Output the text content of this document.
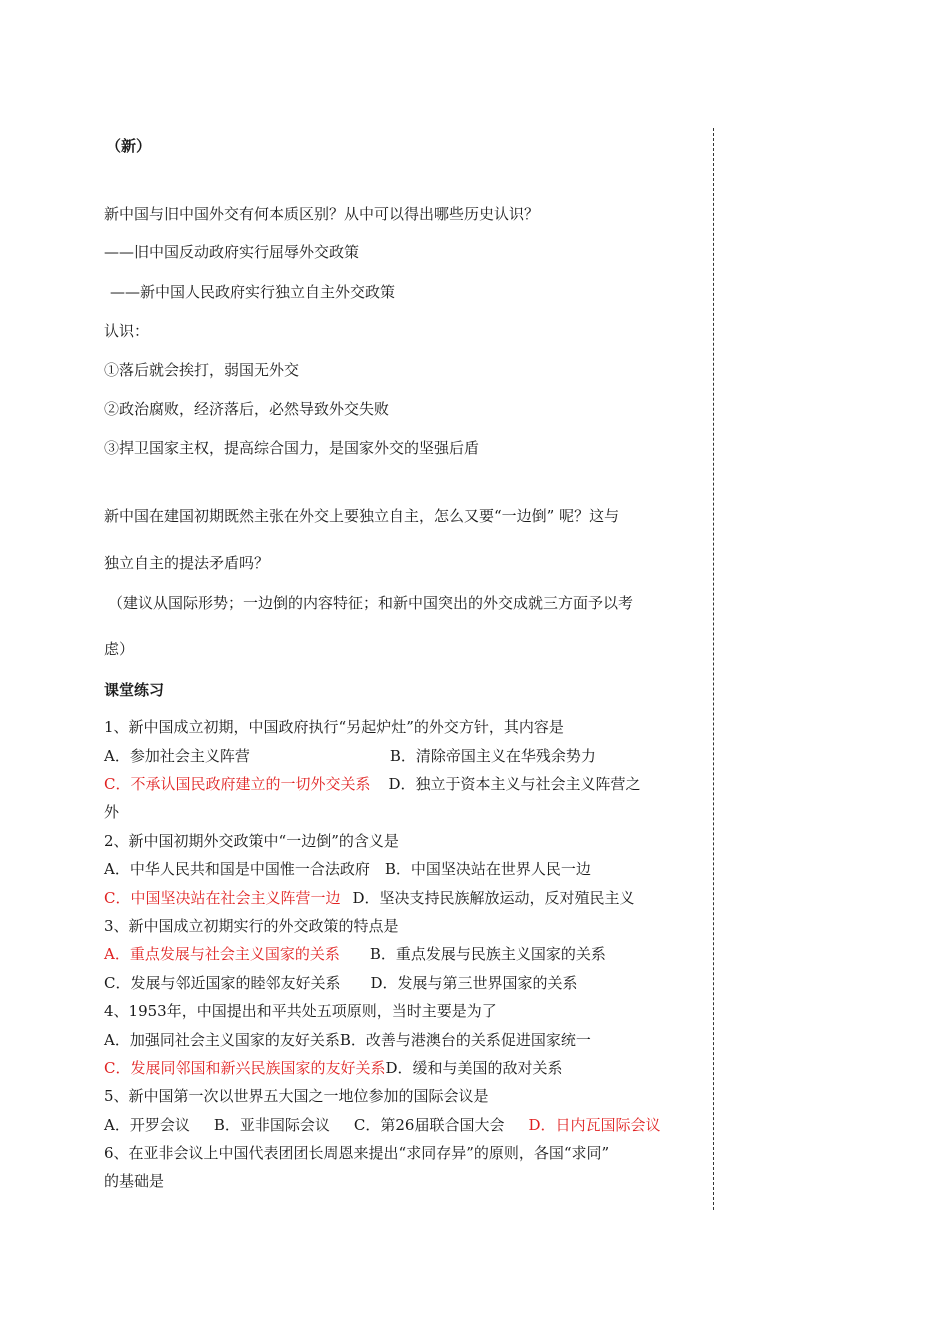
（新）
新中国与旧中国外交有何本质区别？从中可以得出哪些历史认识？
——旧中国反动政府实行屈辱外交政策
——新中国人民政府实行独立自主外交政策
认识：
①落后就会挨打，弱国无外交
②政治腐败，经济落后，必然导致外交失败
③捍卫国家主权，提高综合国力，是国家外交的坚强后盾
新中国在建国初期既然主张在外交上要独立自主，怎么又要“一边倒” 呢？这与
独立自主的提法矛盾吗？
（建议从国际形势；一边倒的内容特征；和新中国突出的外交成就三方面予以考
虑）
课堂练习
1、新中国成立初期，中国政府执行“另起炉灶”的外交方针，其内容是
A．参加社会主义阵营	B．清除帝国主义在华残余势力
C．不承认国民政府建立的一切外交关系 D．独立于资本主义与社会主义阵营之
外
2、新中国初期外交政策中“一边倒”的含义是
A．中华人民共和国是中国惟一合法政府 B．中国坚决站在世界人民一边
C．中国坚决站在社会主义阵营一边 D．坚决支持民族解放运动，反对殖民主义
3、新中国成立初期实行的外交政策的特点是
A．重点发展与社会主义国家的关系 B．重点发展与民族主义国家的关系
C．发展与邻近国家的睦邻友好关系 D．发展与第三世界国家的关系
4、1953年，中国提出和平共处五项原则，当时主要是为了
A．加强同社会主义国家的友好关系B．改善与港澳台的关系促进国家统一
C．发展同邻国和新兴民族国家的友好关系D．缓和与美国的敌对关系
5、新中国第一次以世界五大国之一地位参加的国际会议是
A．开罗会议 B．亚非国际会议 C．第26届联合国大会 D．日内瓦国际会议
6、在亚非会议上中国代表团团长周恩来提出“求同存异”的原则，各国“求同”
的基础是
